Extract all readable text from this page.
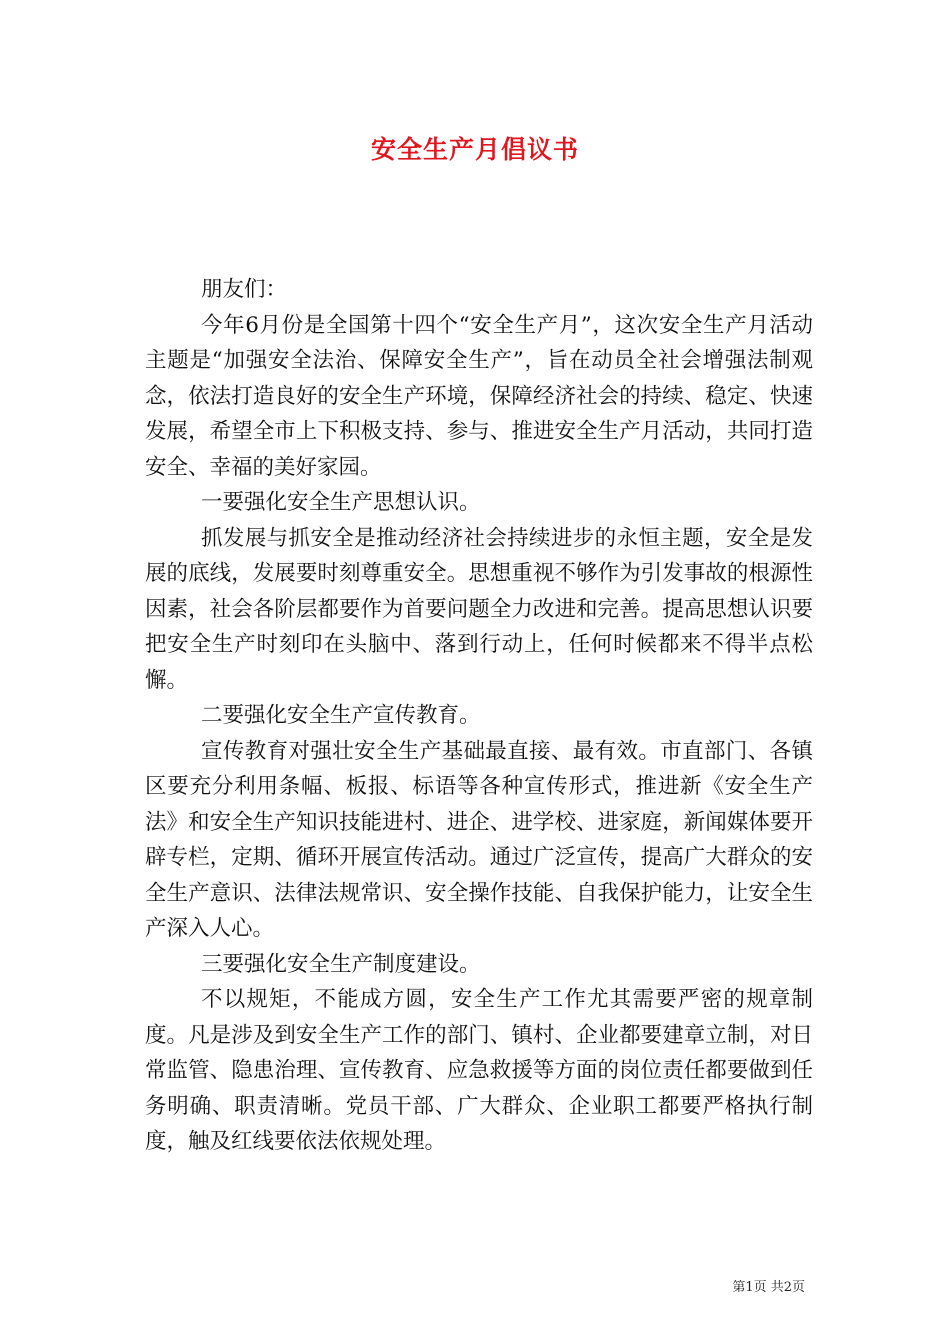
安全生产月倡议书

朋友们：

今年6月份是全国第十四个“安全生产月”，这次安全生产月活动主题是“加强安全法治、保障安全生产”，旨在动员全社会增强法制观念，依法打造良好的安全生产环境，保障经济社会的持续、稳定、快速发展，希望全市上下积极支持、参与、推进安全生产月活动，共同打造安全、幸福的美好家园。

一要强化安全生产思想认识。

抓发展与抓安全是推动经济社会持续进步的永恒主题，安全是发展的底线，发展要时刻尊重安全。思想重视不够作为引发事故的根源性因素，社会各阶层都要作为首要问题全力改进和完善。提高思想认识要把安全生产时刻印在头脑中、落到行动上，任何时候都来不得半点松懈。

二要强化安全生产宣传教育。

宣传教育对强壮安全生产基础最直接、最有效。市直部门、各镇区要充分利用条幅、板报、标语等各种宣传形式，推进新《安全生产法》和安全生产知识技能进村、进企、进学校、进家庭，新闻媒体要开辟专栏，定期、循环开展宣传活动。通过广泛宣传，提高广大群众的安全生产意识、法律法规常识、安全操作技能、自我保护能力，让安全生产深入人心。

三要强化安全生产制度建设。

不以规矩，不能成方圆，安全生产工作尤其需要严密的规章制度。凡是涉及到安全生产工作的部门、镇村、企业都要建章立制，对日常监管、隐患治理、宣传教育、应急救援等方面的岗位责任都要做到任务明确、职责清晰。党员干部、广大群众、企业职工都要严格执行制度，触及红线要依法依规处理。

第1页 共2页
